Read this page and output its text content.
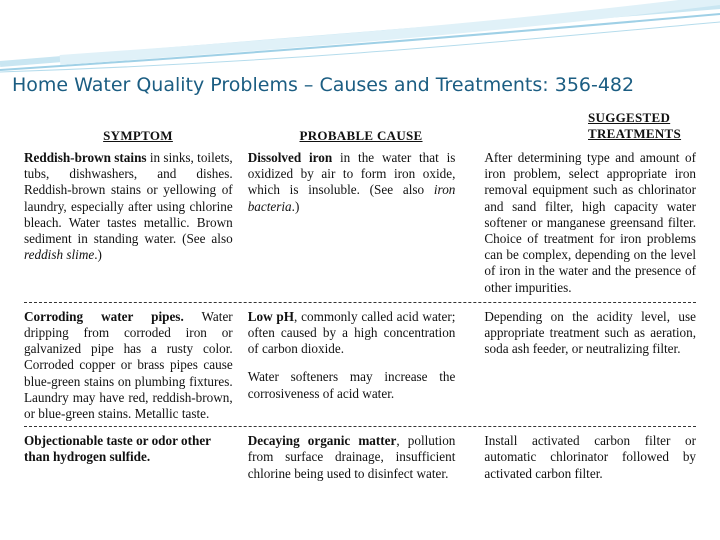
Home Water Quality Problems – Causes and Treatments: 356-482
SYMPTOM	PROBABLE CAUSE
SUGGESTED

TREATMENTS
Reddish-brown stains in sinks, toilets, tubs, dishwashers, and dishes. Reddish-brown stains or yellowing of laundry, especially after using chlorine bleach. Water tastes metallic. Brown sediment in standing water. (See also reddish slime.)
Dissolved iron in the water that is oxidized by air to form iron oxide, which is insoluble. (See also iron bacteria.)
After determining type and amount of iron problem, select appropriate iron removal equipment such as chlorinator and sand filter, high capacity water softener or manganese greensand filter. Choice of treatment for iron problems can be complex, depending on the level of iron in the water and the presence of other impurities.
Corroding water pipes. Water dripping from corroded iron or galvanized pipe has a rusty color. Corroded copper or brass pipes cause blue-green stains on plumbing fixtures. Laundry may have red, reddish-brown, or blue-green stains. Metallic taste.
Low pH, commonly called acid water; often caused by a high concentration of carbon dioxide.
Water softeners may increase the corrosiveness of acid water.
Depending on the acidity level, use appropriate treatment such as aeration, soda ash feeder, or neutralizing filter.
Objectionable taste or odor other than hydrogen sulfide.
Decaying organic matter, pollution from surface drainage, insufficient chlorine being used to disinfect water.
Install activated carbon filter or automatic chlorinator followed by activated carbon filter.
